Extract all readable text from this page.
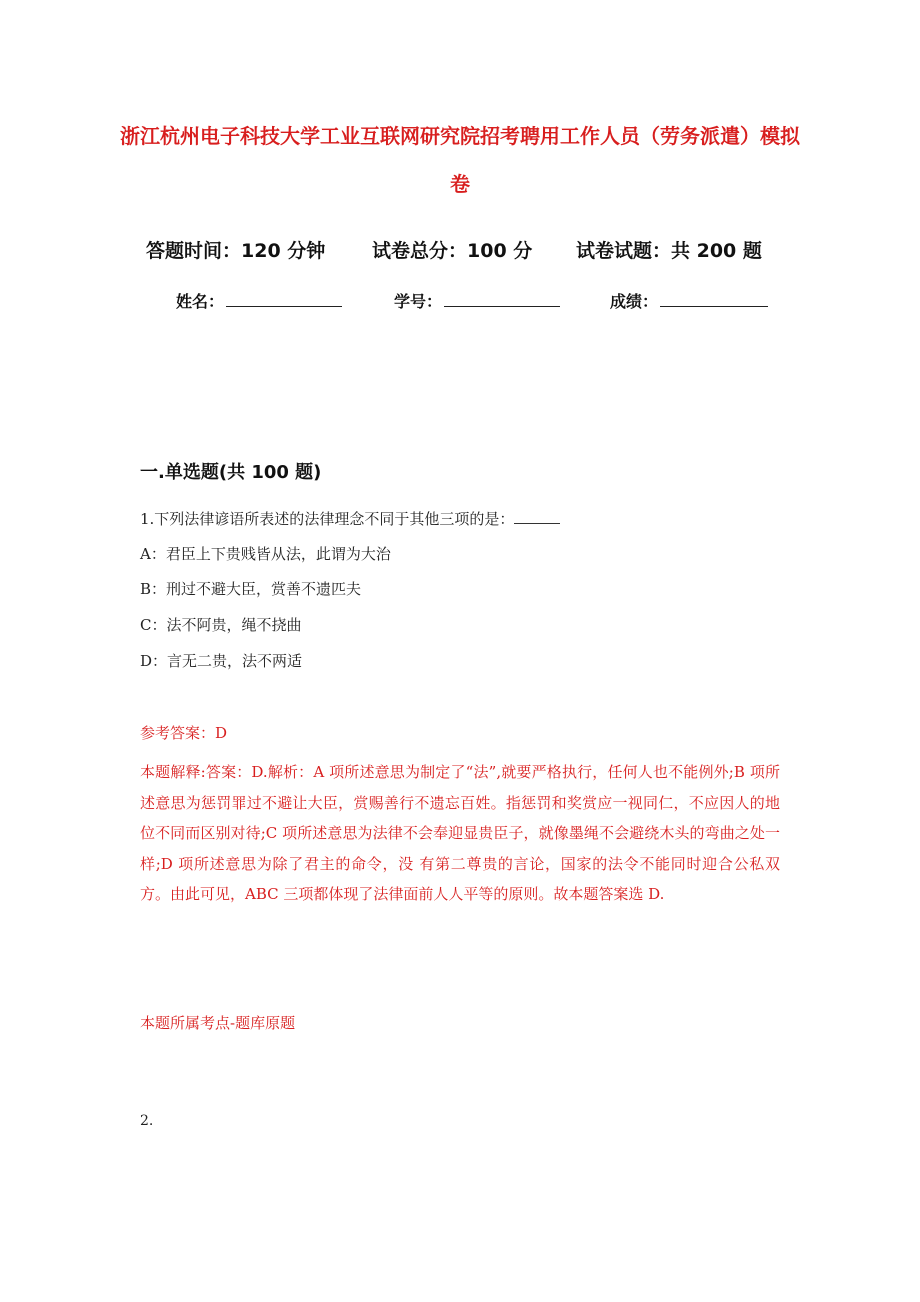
浙江杭州电子科技大学工业互联网研究院招考聘用工作人员（劳务派遣）模拟卷
答题时间：120 分钟 试卷总分：100 分 试卷试题：共 200 题
姓名：	学号：	成绩：
一.单选题(共 100 题)
1.下列法律谚语所表述的法律理念不同于其他三项的是：
A：君臣上下贵贱皆从法，此谓为大治
B：刑过不避大臣，赏善不遗匹夫
C：法不阿贵，绳不挠曲
D：言无二贵，法不两适
参考答案：D
本题解释:答案：D.解析：A 项所述意思为制定了“法”,就要严格执行，任何人也不能例外;B 项所述意思为惩罚罪过不避让大臣，赏赐善行不遗忘百姓。指惩罚和奖赏应一视同仁，不应因人的地位不同而区别对待;C 项所述意思为法律不会奉迎显贵臣子，就像墨绳不会避绕木头的弯曲之处一样;D 项所述意思为除了君主的命令，没 有第二尊贵的言论，国家的法令不能同时迎合公私双方。由此可见，ABC 三项都体现了法律面前人人平等的原则。故本题答案选 D.
本题所属考点-题库原题
2.
